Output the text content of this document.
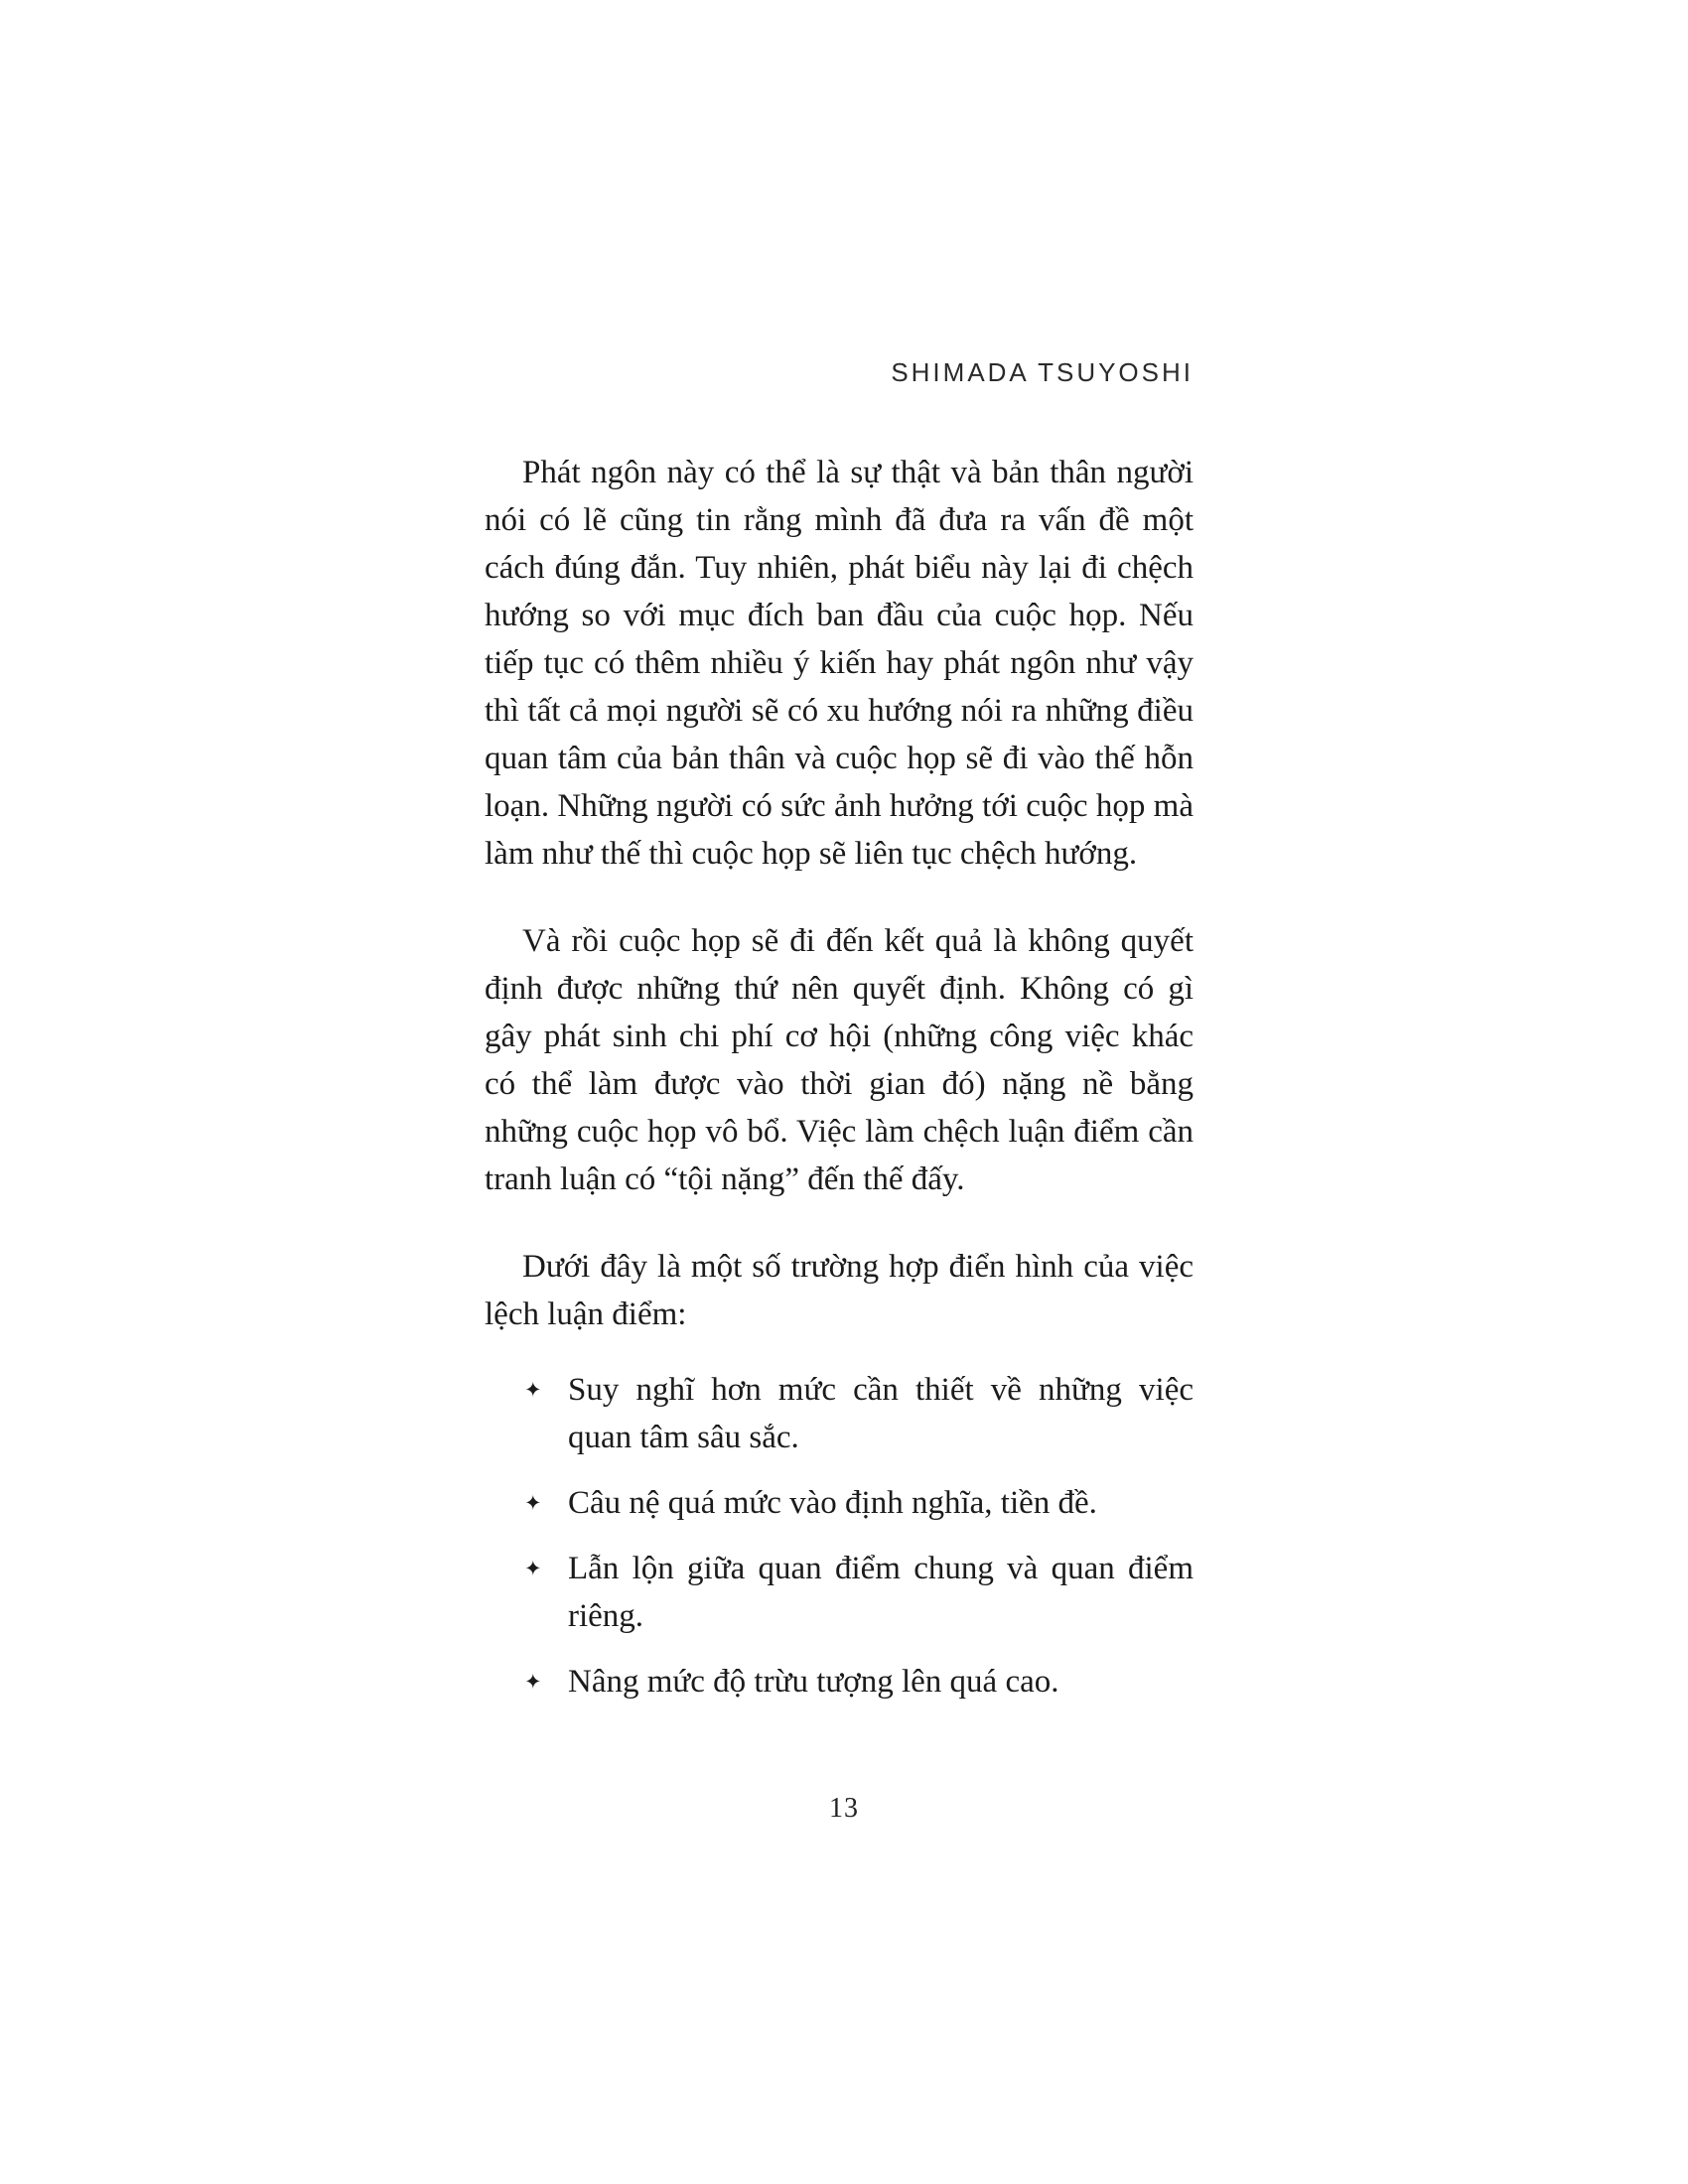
SHIMADA TSUYOSHI

Phát ngôn này có thể là sự thật và bản thân người nói có lẽ cũng tin rằng mình đã đưa ra vấn đề một cách đúng đắn. Tuy nhiên, phát biểu này lại đi chệch hướng so với mục đích ban đầu của cuộc họp. Nếu tiếp tục có thêm nhiều ý kiến hay phát ngôn như vậy thì tất cả mọi người sẽ có xu hướng nói ra những điều quan tâm của bản thân và cuộc họp sẽ đi vào thế hỗn loạn. Những người có sức ảnh hưởng tới cuộc họp mà làm như thế thì cuộc họp sẽ liên tục chệch hướng.

Và rồi cuộc họp sẽ đi đến kết quả là không quyết định được những thứ nên quyết định. Không có gì gây phát sinh chi phí cơ hội (những công việc khác có thể làm được vào thời gian đó) nặng nề bằng những cuộc họp vô bổ. Việc làm chệch luận điểm cần tranh luận có “tội nặng” đến thế đấy.

Dưới đây là một số trường hợp điển hình của việc lệch luận điểm:

✦ Suy nghĩ hơn mức cần thiết về những việc quan tâm sâu sắc.
✦ Câu nệ quá mức vào định nghĩa, tiền đề.
✦ Lẫn lộn giữa quan điểm chung và quan điểm riêng.
✦ Nâng mức độ trừu tượng lên quá cao.
13
